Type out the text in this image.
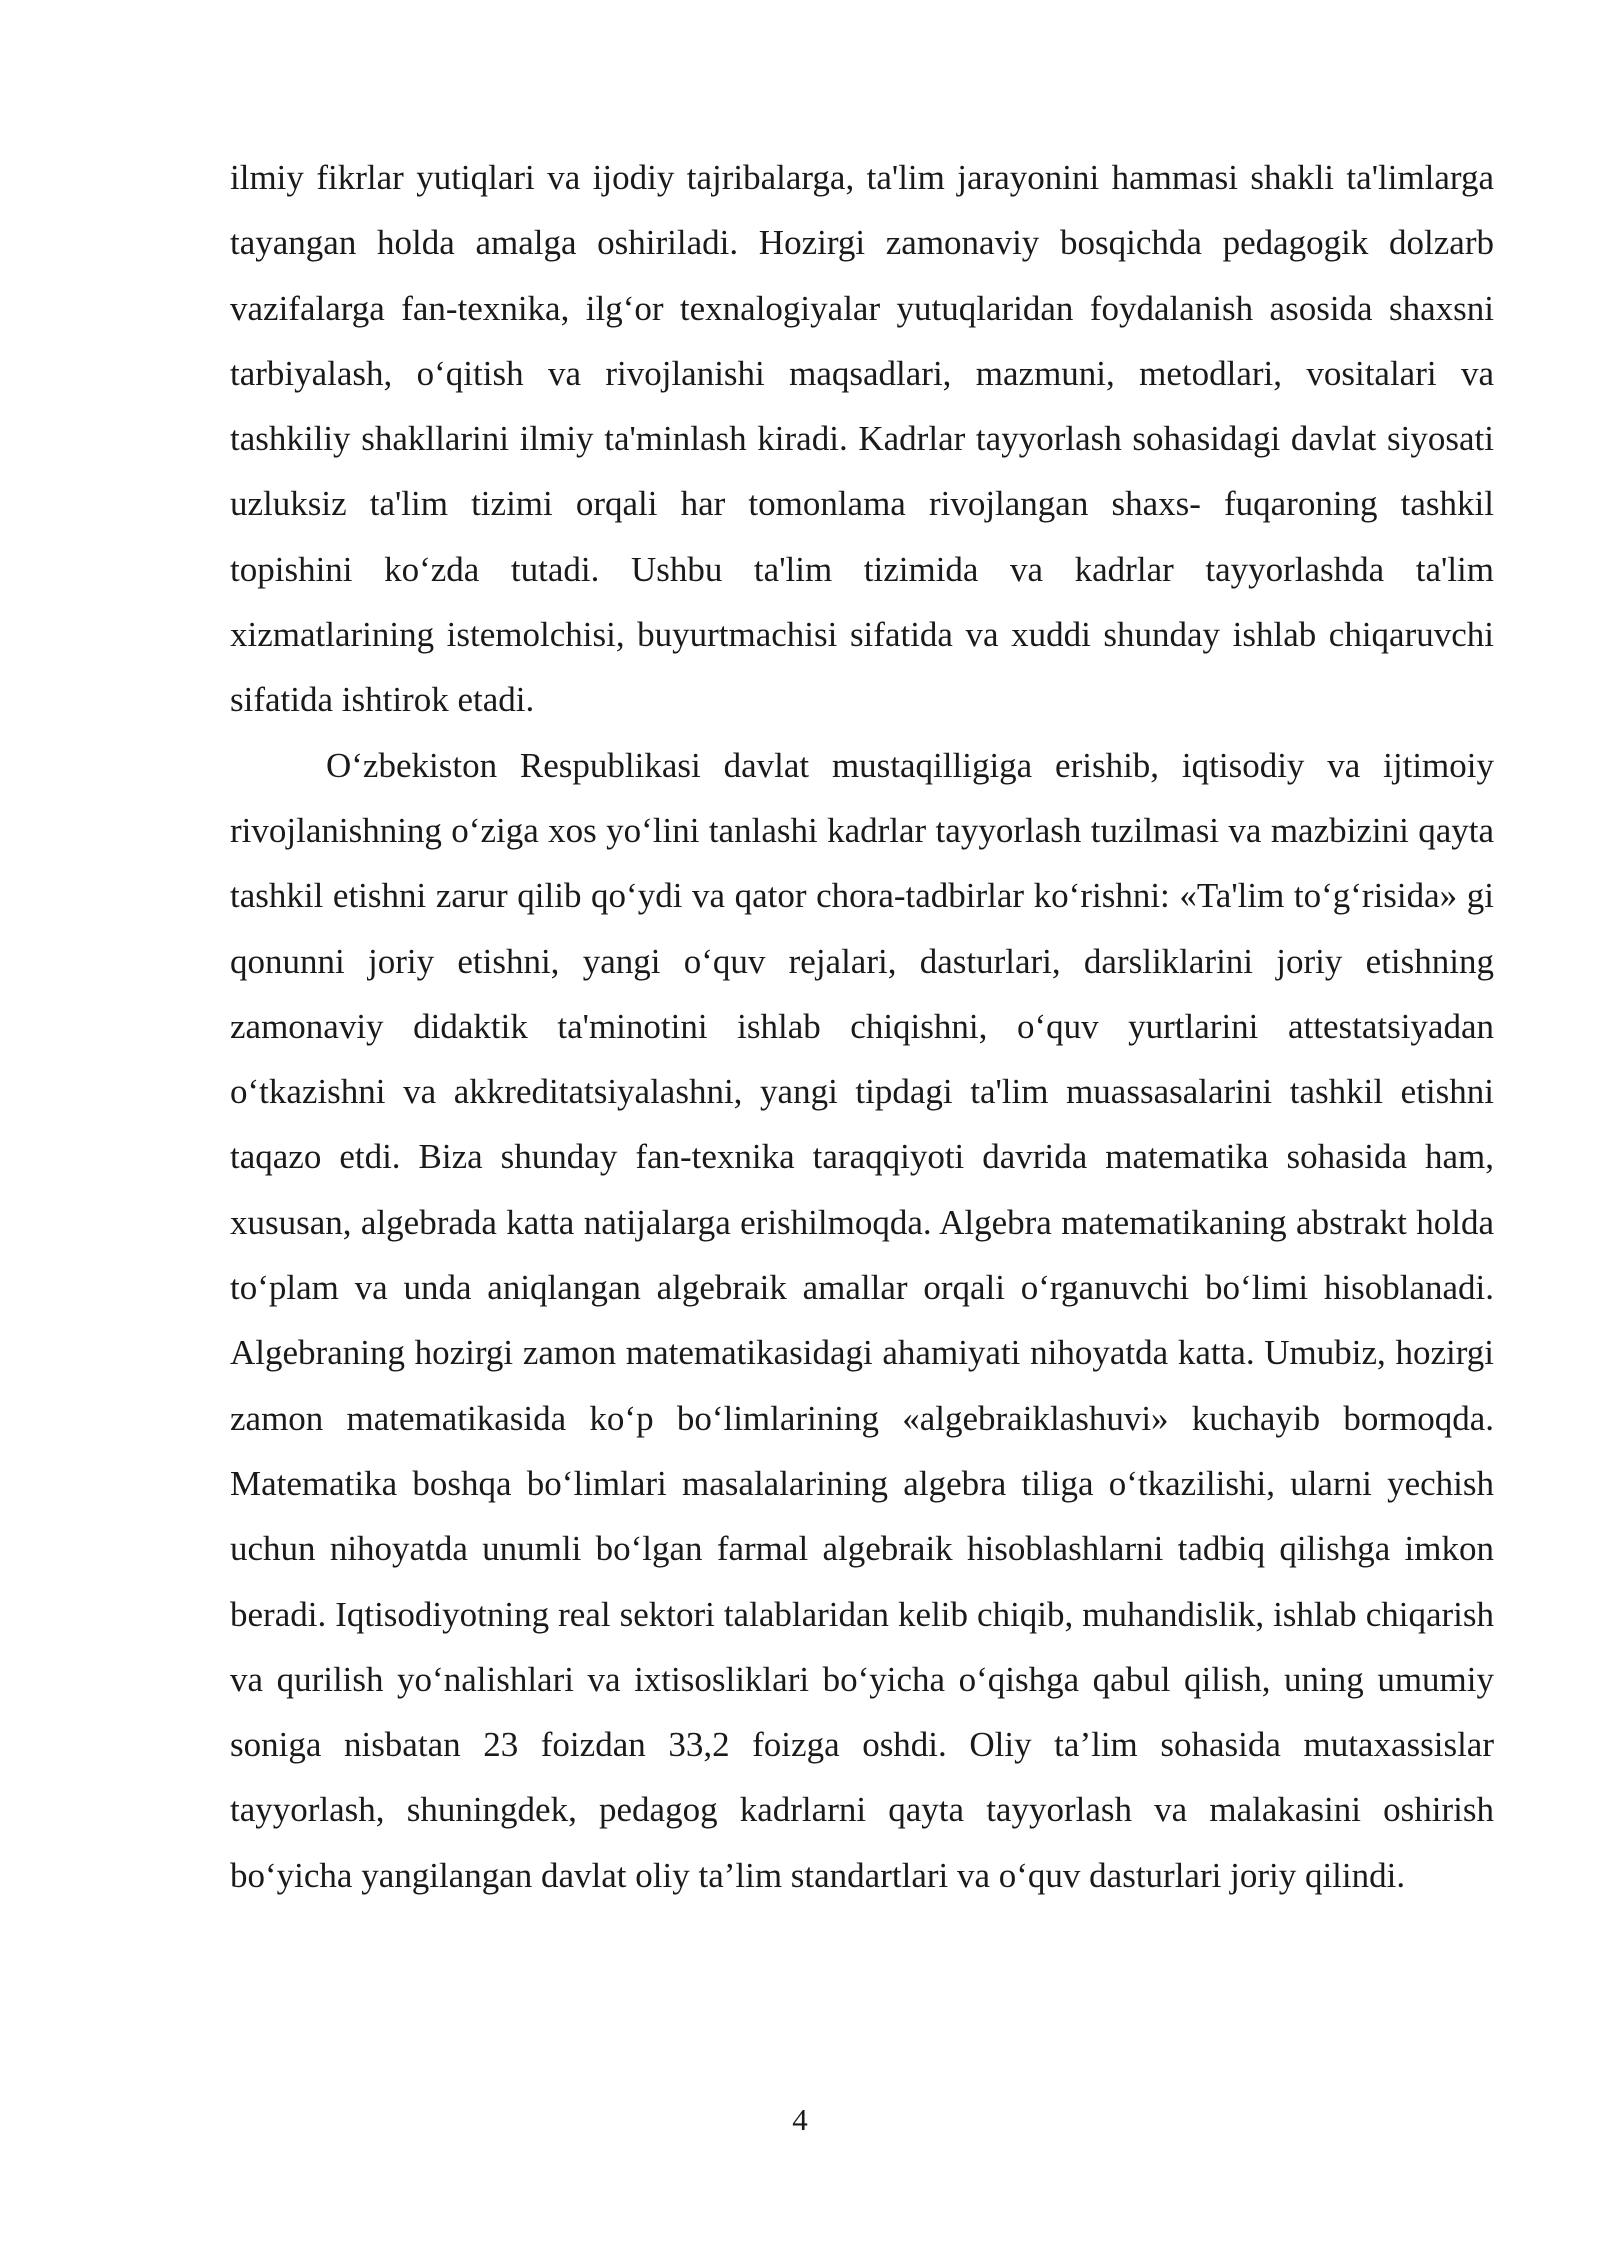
ilmiy fikrlar yutiqlari va ijodiy tajribalarga, ta'lim jarayonini hammasi shakli ta'limlarga tayangan holda amalga oshiriladi. Hozirgi zamonaviy bosqichda pedagogik dolzarb vazifalarga fan-texnika, ilg‘or texnalogiyalar yutuqlaridan foydalanish asosida shaxsni tarbiyalash, o‘qitish va rivojlanishi maqsadlari, mazmuni, metodlari, vositalari va tashkiliy shakllarini ilmiy ta'minlash kiradi. Kadrlar tayyorlash sohasidagi davlat siyosati uzluksiz ta'lim tizimi orqali har tomonlama rivojlangan shaxs- fuqaroning tashkil topishini ko‘zda tutadi. Ushbu ta'lim tizimida va kadrlar tayyorlashda ta'lim xizmatlarining istemolchisi, buyurtmachisi sifatida va xuddi shunday ishlab chiqaruvchi sifatida ishtirok etadi.

O‘zbekiston Respublikasi davlat mustaqilligiga erishib, iqtisodiy va ijtimoiy rivojlanishning o‘ziga xos yo‘lini tanlashi kadrlar tayyorlash tuzilmasi va mazbizini qayta tashkil etishni zarur qilib qo‘ydi va qator chora-tadbirlar ko‘rishni: «Ta'lim to‘g‘risida» gi qonunni joriy etishni, yangi o‘quv rejalari, dasturlari, darsliklarini joriy etishning zamonaviy didaktik ta'minotini ishlab chiqishni, o‘quv yurtlarini attestatsiyadan o‘tkazishni va akkreditatsiyalashni, yangi tipdagi ta'lim muassasalarini tashkil etishni taqazo etdi. Biza shunday fan-texnika taraqqiyoti davrida matematika sohasida ham, xususan, algebrada katta natijalarga erishilmoqda. Algebra matematikaning abstrakt holda to‘plam va unda aniqlangan algebraik amallar orqali o‘rganuvchi bo‘limi hisoblanadi. Algebraning hozirgi zamon matematikasidagi ahamiyati nihoyatda katta. Umubiz, hozirgi zamon matematikasida ko‘p bo‘limlarining «algebraiklashuvi» kuchayib bormoqda. Matematika boshqa bo‘limlari masalalarining algebra tiliga o‘tkazilishi, ularni yechish uchun nihoyatda unumli bo‘lgan farmal algebraik hisoblashlarni tadbiq qilishga imkon beradi. Iqtisodiyotning real sektori talablaridan kelib chiqib, muhandislik, ishlab chiqarish va qurilish yo‘nalishlari va ixtisosliklari bo‘yicha o‘qishga qabul qilish, uning umumiy soniga nisbatan 23 foizdan 33,2 foizga oshdi. Oliy ta’lim sohasida mutaxassislar tayyorlash, shuningdek, pedagog kadrlarni qayta tayyorlash va malakasini oshirish bo‘yicha yangilangan davlat oliy ta’lim standartlari va o‘quv dasturlari joriy qilindi.

4
